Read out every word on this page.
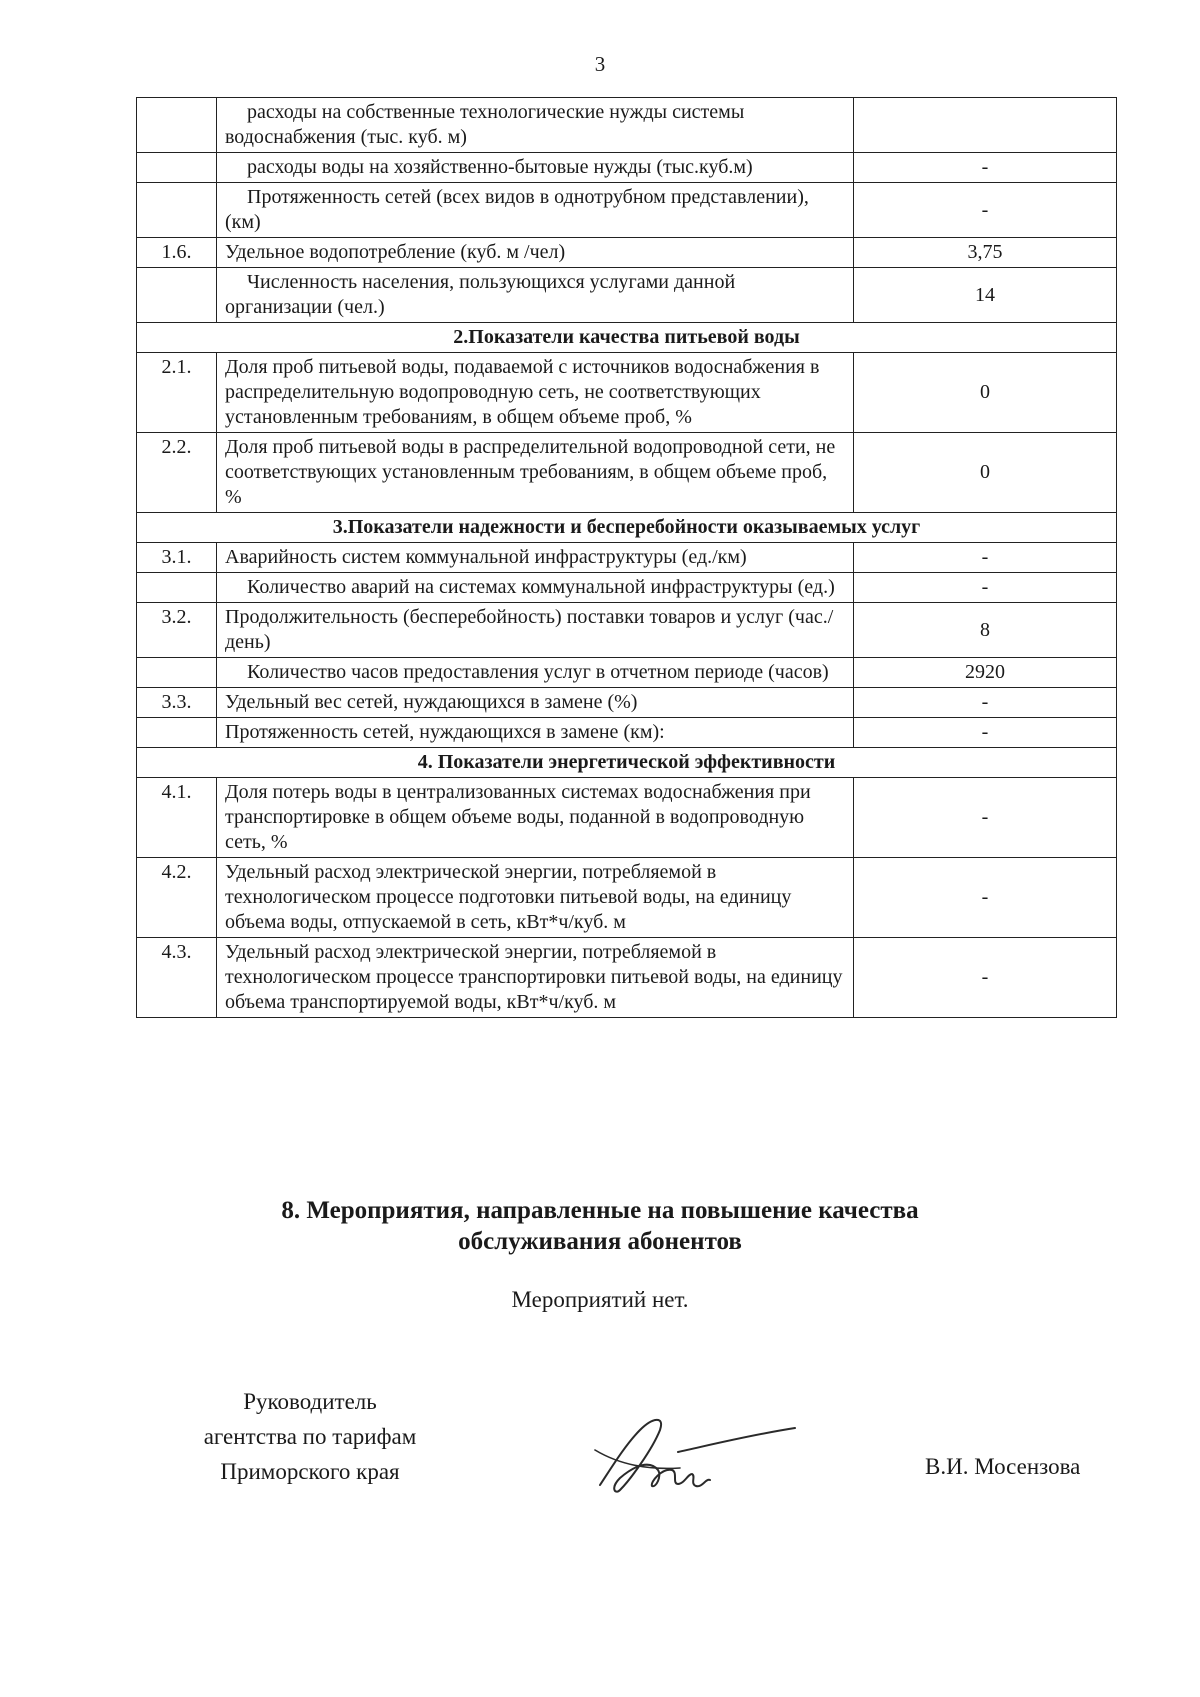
3
	расходы на собственные технологические нужды системы водоснабжения (тыс. куб. м)	
	расходы воды на хозяйственно-бытовые нужды (тыс.куб.м)	-
	Протяженность сетей (всех видов в однотрубном представлении), (км)	-
1.6.	Удельное водопотребление (куб. м /чел)	3,75
	Численность населения, пользующихся услугами данной организации (чел.)	14
2.Показатели качества питьевой воды		
2.1.	Доля проб питьевой воды, подаваемой с источников водоснабжения в распределительную водопроводную сеть, не соответствующих установленным требованиям, в общем объеме проб, %	0
2.2.	Доля проб питьевой воды в распределительной водопроводной сети, не соответствующих установленным требованиям, в общем объеме проб, %	0
3.Показатели надежности и бесперебойности оказываемых услуг		
3.1.	Аварийность систем коммунальной инфраструктуры (ед./км)	-
	Количество аварий на системах коммунальной инфраструктуры (ед.)	-
3.2.	Продолжительность (бесперебойность) поставки товаров и услуг (час./день)	8
	Количество часов предоставления услуг в отчетном периоде (часов)	2920
3.3.	Удельный вес сетей, нуждающихся в замене (%)	-
	Протяженность сетей, нуждающихся в замене (км):	-
4. Показатели энергетической эффективности		
4.1.	Доля потерь воды в централизованных системах водоснабжения при транспортировке в общем объеме воды, поданной в водопроводную сеть, %	-
4.2.	Удельный расход электрической энергии, потребляемой в технологическом процессе подготовки питьевой воды, на единицу объема воды, отпускаемой в сеть, кВт*ч/куб. м	-
4.3.	Удельный расход электрической энергии, потребляемой в технологическом процессе транспортировки питьевой воды, на единицу объема транспортируемой воды, кВт*ч/куб. м	-
8. Мероприятия, направленные на повышение качества
обслуживания абонентов
Мероприятий нет.
Руководитель
агентства по тарифам
Приморского края	В.И. Мосензова
